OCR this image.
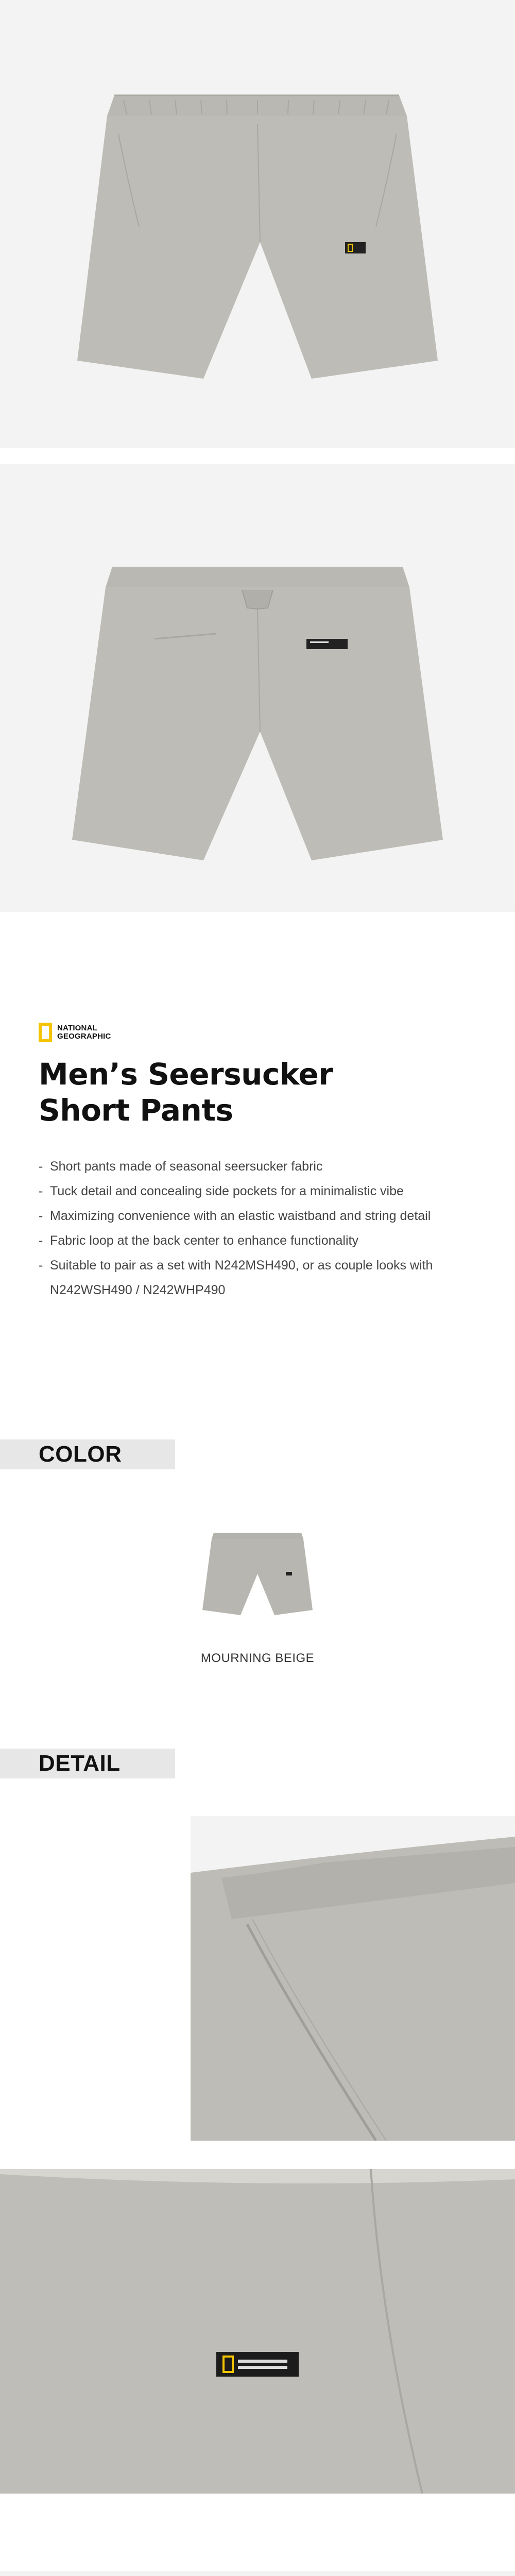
NATIONAL
GEOGRAPHIC
Men’s Seersucker
Short Pants
- Short pants made of seasonal seersucker fabric
- Tuck detail and concealing side pockets for a minimalistic vibe
- Maximizing convenience with an elastic waistband and string detail
- Fabric loop at the back center to enhance functionality
- Suitable to pair as a set with N242MSH490, or as couple looks with N242WSH490 / N242WHP490
COLOR
MOURNING BEIGE
DETAIL
